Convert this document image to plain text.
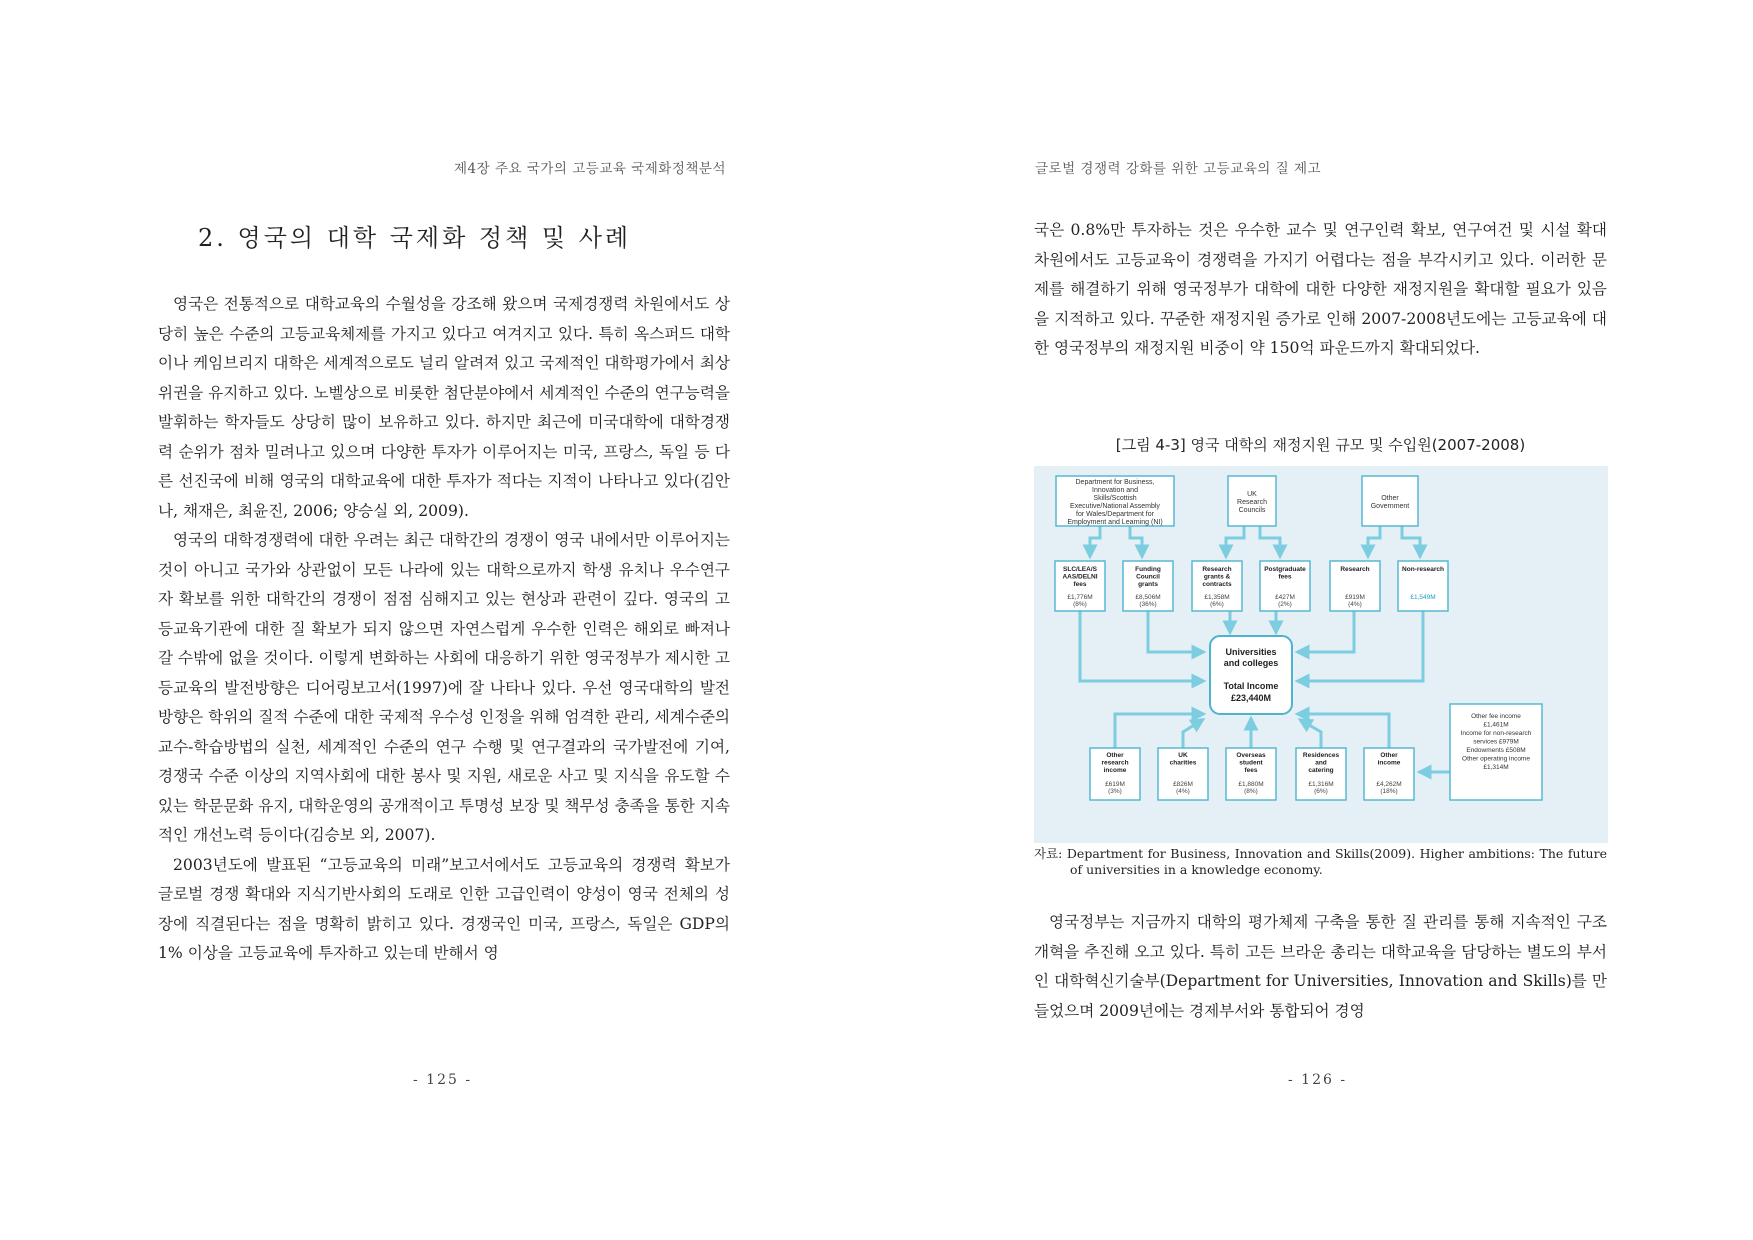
제4장 주요 국가의 고등교육 국제화정책분석
2. 영국의 대학 국제화 정책 및 사례

영국은 전통적으로 대학교육의 수월성을 강조해 왔으며 국제경쟁력 차원에서도 상당히 높은 수준의 고등교육체제를 가지고 있다고 여겨지고 있다. 특히 옥스퍼드 대학이나 케임브리지 대학은 세계적으로도 널리 알려져 있고 국제적인 대학평가에서 최상위권을 유지하고 있다. 노벨상으로 비롯한 첨단분야에서 세계적인 수준의 연구능력을 발휘하는 학자들도 상당히 많이 보유하고 있다. 하지만 최근에 미국대학에 대학경쟁력 순위가 점차 밀려나고 있으며 다양한 투자가 이루어지는 미국, 프랑스, 독일 등 다른 선진국에 비해 영국의 대학교육에 대한 투자가 적다는 지적이 나타나고 있다(김안나, 채재은, 최윤진, 2006; 양승실 외, 2009).

영국의 대학경쟁력에 대한 우려는 최근 대학간의 경쟁이 영국 내에서만 이루어지는 것이 아니고 국가와 상관없이 모든 나라에 있는 대학으로까지 학생 유치나 우수연구자 확보를 위한 대학간의 경쟁이 점점 심해지고 있는 현상과 관련이 깊다. 영국의 고등교육기관에 대한 질 확보가 되지 않으면 자연스럽게 우수한 인력은 해외로 빠져나갈 수밖에 없을 것이다. 이렇게 변화하는 사회에 대응하기 위한 영국정부가 제시한 고등교육의 발전방향은 디어링보고서(1997)에 잘 나타나 있다. 우선 영국대학의 발전방향은 학위의 질적 수준에 대한 국제적 우수성 인정을 위해 엄격한 관리, 세계수준의 교수-학습방법의 실천, 세계적인 수준의 연구 수행 및 연구결과의 국가발전에 기여, 경쟁국 수준 이상의 지역사회에 대한 봉사 및 지원, 새로운 사고 및 지식을 유도할 수 있는 학문문화 유지, 대학운영의 공개적이고 투명성 보장 및 책무성 충족을 통한 지속적인 개선노력 등이다(김승보 외, 2007).

2003년도에 발표된 “고등교육의 미래”보고서에서도 고등교육의 경쟁력 확보가 글로벌 경쟁 확대와 지식기반사회의 도래로 인한 고급인력이 양성이 영국 전체의 성장에 직결된다는 점을 명확히 밝히고 있다. 경쟁국인 미국, 프랑스, 독일은 GDP의 1% 이상을 고등교육에 투자하고 있는데 반해서 영

- 125 -
글로벌 경쟁력 강화를 위한 고등교육의 질 제고

국은 0.8%만 투자하는 것은 우수한 교수 및 연구인력 확보, 연구여건 및 시설 확대 차원에서도 고등교육이 경쟁력을 가지기 어렵다는 점을 부각시키고 있다. 이러한 문제를 해결하기 위해 영국정부가 대학에 대한 다양한 재정지원을 확대할 필요가 있음을 지적하고 있다. 꾸준한 재정지원 증가로 인해 2007-2008년도에는 고등교육에 대한 영국정부의 재정지원 비중이 약 150억 파운드까지 확대되었다.

[그림 4-3] 영국 대학의 재정지원 규모 및 수입원(2007-2008)
Department for Business, Innovation and Skills/Scottish Executive/National Assembly for Wales/Department for Employment and Learning (NI)
UK Research Councils
Other Government
SLC/LEA/S AAS/DELNI fees
£1,776M
(8%)
Funding Council grants
£8,506M
(36%)
Research grants & contracts
£1,358M
(6%)
Postgraduate fees
£427M
(2%)
Research
£919M
(4%)
Non-research
£1,549M
Universities and colleges
Total Income
£23,440M
Other research income
£619M
(3%)
UK charities
£826M
(4%)
Overseas student fees
£1,880M
(8%)
Residences and catering
£1,316M
(6%)
Other income
£4,262M
(18%)
Other fee income £1,461M Income for non-research services £979M Endowments £508M Other operating income £1,314M
자료: Department for Business, Innovation and Skills(2009). Higher ambitions: The future of universities in a knowledge economy.

영국정부는 지금까지 대학의 평가체제 구축을 통한 질 관리를 통해 지속적인 구조개혁을 추진해 오고 있다. 특히 고든 브라운 총리는 대학교육을 담당하는 별도의 부서인 대학혁신기술부(Department for Universities, Innovation and Skills)를 만들었으며 2009년에는 경제부서와 통합되어 경영

- 126 -
